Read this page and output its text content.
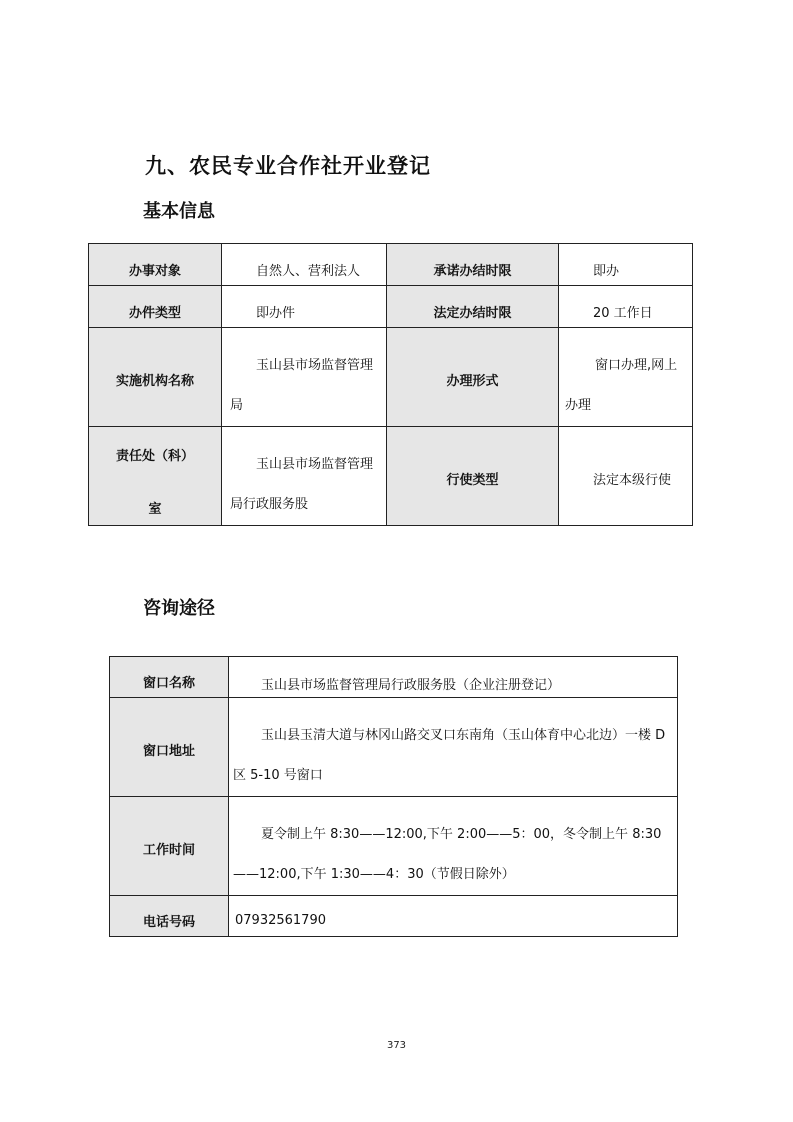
九、农民专业合作社开业登记
基本信息
办事对象	自然人、营利法人	承诺办结时限	即办

办件类型	即办件	法定办结时限	20 工作日

实施机构名称	玉山县市场监督管理局	办理形式	窗口办理,网上办理

责任处（科）
室	玉山县市场监督管理局行政服务股	行使类型	法定本级行使
咨询途径
窗口名称	玉山县市场监督管理局行政服务股（企业注册登记）

窗口地址	玉山县玉清大道与林冈山路交叉口东南角（玉山体育中心北边）一楼 D 区 5-10 号窗口

工作时间	夏令制上午 8:30——12:00,下午 2:00——5：00，冬令制上午 8:30——12:00,下午 1:30——4：30（节假日除外）

电话号码	07932561790
373
